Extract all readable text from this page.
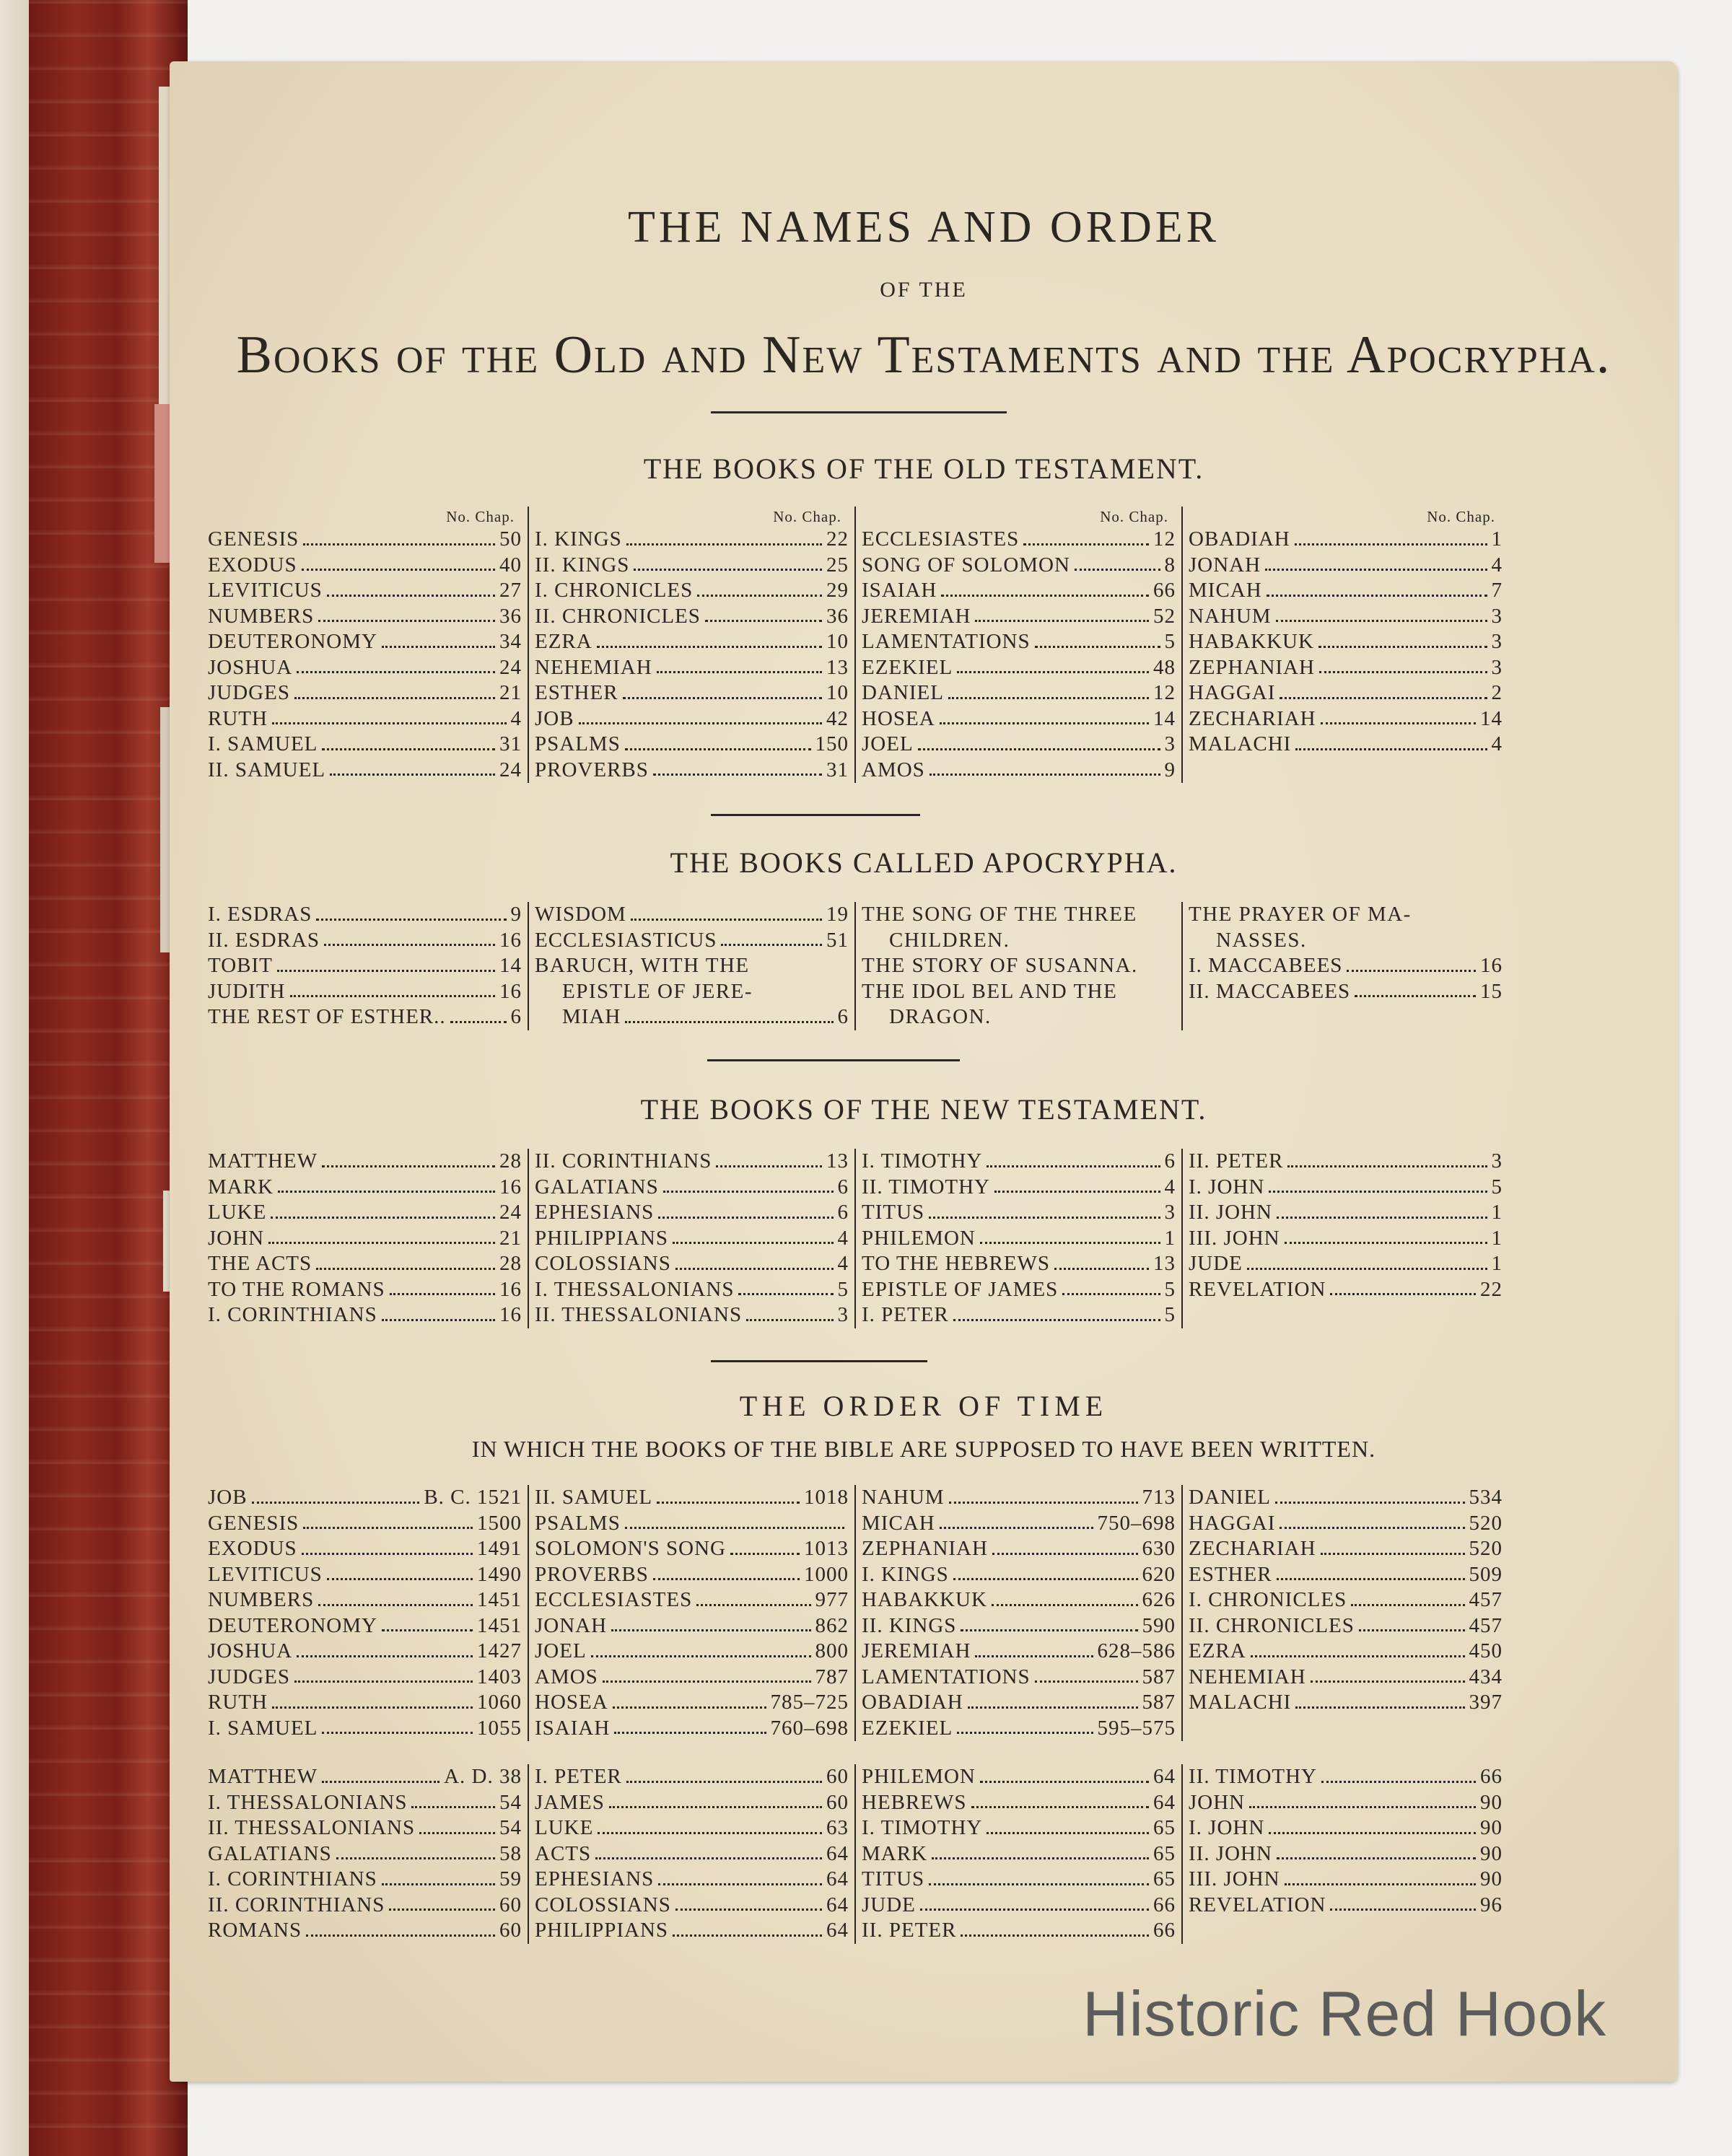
THE NAMES AND ORDER
OF THE
Books of the Old and New Testaments and the Apocrypha.
THE BOOKS OF THE OLD TESTAMENT.
No. Chap.
GENESIS	50
EXODUS	40
LEVITICUS	27
NUMBERS	36
DEUTERONOMY	34
JOSHUA	24
JUDGES	21
RUTH	4
I. SAMUEL	31
II. SAMUEL	24
No. Chap.
I. KINGS	22
II. KINGS	25
I. CHRONICLES	29
II. CHRONICLES	36
EZRA	10
NEHEMIAH	13
ESTHER	10
JOB	42
PSALMS	150
PROVERBS	31
No. Chap.
ECCLESIASTES	12
SONG OF SOLOMON	8
ISAIAH	66
JEREMIAH	52
LAMENTATIONS	5
EZEKIEL	48
DANIEL	12
HOSEA	14
JOEL	3
AMOS	9
No. Chap.
OBADIAH	1
JONAH	4
MICAH	7
NAHUM	3
HABAKKUK	3
ZEPHANIAH	3
HAGGAI	2
ZECHARIAH	14
MALACHI	4
THE BOOKS CALLED APOCRYPHA.
I. ESDRAS	9
II. ESDRAS	16
TOBIT	14
JUDITH	16
THE REST OF ESTHER..	6
WISDOM	19
ECCLESIASTICUS	51
BARUCH, WITH THE
EPISTLE OF JERE-
MIAH	6
THE SONG OF THE THREE
CHILDREN.
THE STORY OF SUSANNA.
THE IDOL BEL AND THE
DRAGON.
THE PRAYER OF MA-
NASSES.
I. MACCABEES	16
II. MACCABEES	15
THE BOOKS OF THE NEW TESTAMENT.
MATTHEW	28
MARK	16
LUKE	24
JOHN	21
THE ACTS	28
TO THE ROMANS	16
I. CORINTHIANS	16
II. CORINTHIANS	13
GALATIANS	6
EPHESIANS	6
PHILIPPIANS	4
COLOSSIANS	4
I. THESSALONIANS	5
II. THESSALONIANS	3
I. TIMOTHY	6
II. TIMOTHY	4
TITUS	3
PHILEMON	1
TO THE HEBREWS	13
EPISTLE OF JAMES	5
I. PETER	5
II. PETER	3
I. JOHN	5
II. JOHN	1
III. JOHN	1
JUDE	1
REVELATION	22
THE ORDER OF TIME
IN WHICH THE BOOKS OF THE BIBLE ARE SUPPOSED TO HAVE BEEN WRITTEN.
JOB	B. C. 1521
GENESIS	1500
EXODUS	1491
LEVITICUS	1490
NUMBERS	1451
DEUTERONOMY	1451
JOSHUA	1427
JUDGES	1403
RUTH	1060
I. SAMUEL	1055
II. SAMUEL	1018
PSALMS
SOLOMON'S SONG	1013
PROVERBS	1000
ECCLESIASTES	977
JONAH	862
JOEL	800
AMOS	787
HOSEA	785–725
ISAIAH	760–698
NAHUM	713
MICAH	750–698
ZEPHANIAH	630
I. KINGS	620
HABAKKUK	626
II. KINGS	590
JEREMIAH	628–586
LAMENTATIONS	587
OBADIAH	587
EZEKIEL	595–575
DANIEL	534
HAGGAI	520
ZECHARIAH	520
ESTHER	509
I. CHRONICLES	457
II. CHRONICLES	457
EZRA	450
NEHEMIAH	434
MALACHI	397
MATTHEW	A. D. 38
I. THESSALONIANS	54
II. THESSALONIANS	54
GALATIANS	58
I. CORINTHIANS	59
II. CORINTHIANS	60
ROMANS	60
I. PETER	60
JAMES	60
LUKE	63
ACTS	64
EPHESIANS	64
COLOSSIANS	64
PHILIPPIANS	64
PHILEMON	64
HEBREWS	64
I. TIMOTHY	65
MARK	65
TITUS	65
JUDE	66
II. PETER	66
II. TIMOTHY	66
JOHN	90
I. JOHN	90
II. JOHN	90
III. JOHN	90
REVELATION	96
Historic Red Hook
